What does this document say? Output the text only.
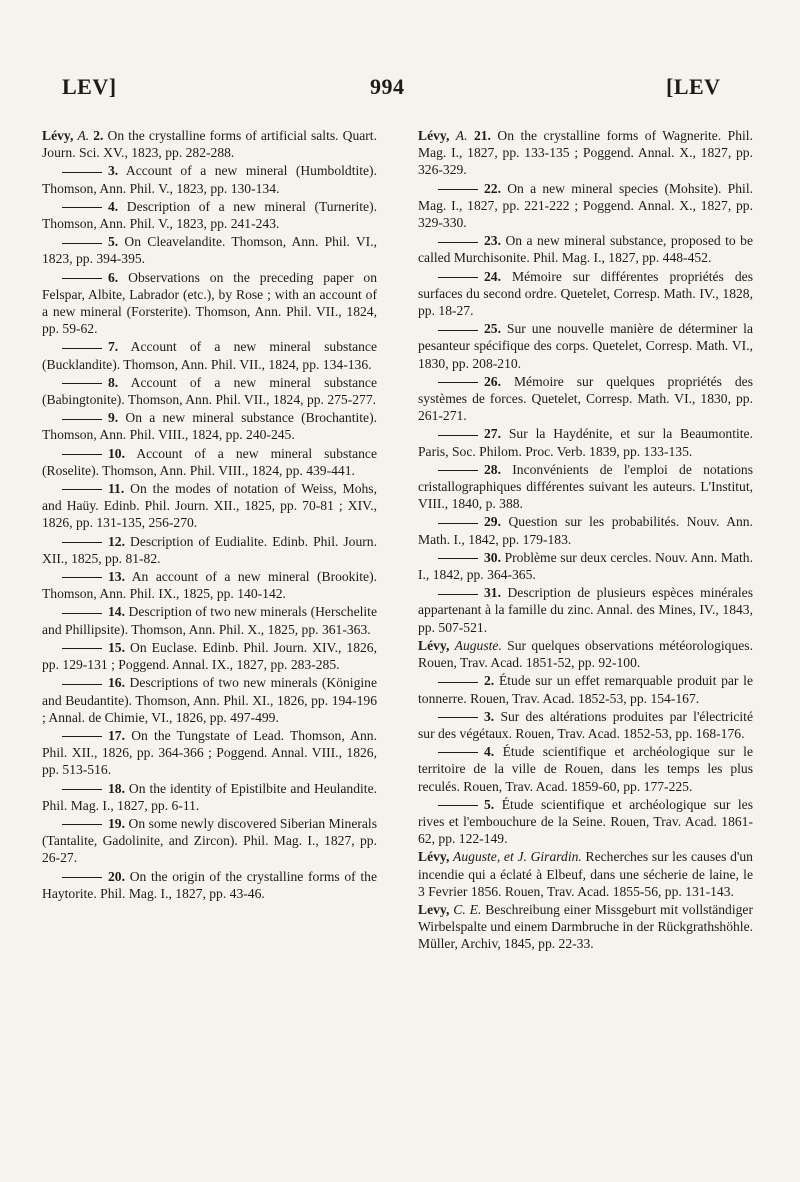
LEV]	994	[LEV

Lévy, A. 2. On the crystalline forms of artificial salts. Quart. Journ. Sci. XV., 1823, pp. 282-288.

3. Account of a new mineral (Humboldtite). Thomson, Ann. Phil. V., 1823, pp. 130-134.

4. Description of a new mineral (Turnerite). Thomson, Ann. Phil. V., 1823, pp. 241-243.

5. On Cleavelandite. Thomson, Ann. Phil. VI., 1823, pp. 394-395.

6. Observations on the preceding paper on Felspar, Albite, Labrador (etc.), by Rose ; with an account of a new mineral (Forsterite). Thomson, Ann. Phil. VII., 1824, pp. 59-62.

7. Account of a new mineral substance (Bucklandite). Thomson, Ann. Phil. VII., 1824, pp. 134-136.

8. Account of a new mineral substance (Babingtonite). Thomson, Ann. Phil. VII., 1824, pp. 275-277.

9. On a new mineral substance (Brochantite). Thomson, Ann. Phil. VIII., 1824, pp. 240-245.

10. Account of a new mineral substance (Roselite). Thomson, Ann. Phil. VIII., 1824, pp. 439-441.

11. On the modes of notation of Weiss, Mohs, and Haüy. Edinb. Phil. Journ. XII., 1825, pp. 70-81 ; XIV., 1826, pp. 131-135, 256-270.

12. Description of Eudialite. Edinb. Phil. Journ. XII., 1825, pp. 81-82.

13. An account of a new mineral (Brookite). Thomson, Ann. Phil. IX., 1825, pp. 140-142.

14. Description of two new minerals (Herschelite and Phillipsite). Thomson, Ann. Phil. X., 1825, pp. 361-363.

15. On Euclase. Edinb. Phil. Journ. XIV., 1826, pp. 129-131 ; Poggend. Annal. IX., 1827, pp. 283-285.

16. Descriptions of two new minerals (Königine and Beudantite). Thomson, Ann. Phil. XI., 1826, pp. 194-196 ; Annal. de Chimie, VI., 1826, pp. 497-499.

17. On the Tungstate of Lead. Thomson, Ann. Phil. XII., 1826, pp. 364-366 ; Poggend. Annal. VIII., 1826, pp. 513-516.

18. On the identity of Epistilbite and Heulandite. Phil. Mag. I., 1827, pp. 6-11.

19. On some newly discovered Siberian Minerals (Tantalite, Gadolinite, and Zircon). Phil. Mag. I., 1827, pp. 26-27.

20. On the origin of the crystalline forms of the Haytorite. Phil. Mag. I., 1827, pp. 43-46.

Lévy, A. 21. On the crystalline forms of Wagnerite. Phil. Mag. I., 1827, pp. 133-135 ; Poggend. Annal. X., 1827, pp. 326-329.

22. On a new mineral species (Mohsite). Phil. Mag. I., 1827, pp. 221-222 ; Poggend. Annal. X., 1827, pp. 329-330.

23. On a new mineral substance, proposed to be called Murchisonite. Phil. Mag. I., 1827, pp. 448-452.

24. Mémoire sur différentes propriétés des surfaces du second ordre. Quetelet, Corresp. Math. IV., 1828, pp. 18-27.

25. Sur une nouvelle manière de déterminer la pesanteur spécifique des corps. Quetelet, Corresp. Math. VI., 1830, pp. 208-210.

26. Mémoire sur quelques propriétés des systèmes de forces. Quetelet, Corresp. Math. VI., 1830, pp. 261-271.

27. Sur la Haydénite, et sur la Beaumontite. Paris, Soc. Philom. Proc. Verb. 1839, pp. 133-135.

28. Inconvénients de l'emploi de notations cristallographiques différentes suivant les auteurs. L'Institut, VIII., 1840, p. 388.

29. Question sur les probabilités. Nouv. Ann. Math. I., 1842, pp. 179-183.

30. Problème sur deux cercles. Nouv. Ann. Math. I., 1842, pp. 364-365.

31. Description de plusieurs espèces minérales appartenant à la famille du zinc. Annal. des Mines, IV., 1843, pp. 507-521.

Lévy, Auguste. Sur quelques observations météorologiques. Rouen, Trav. Acad. 1851-52, pp. 92-100.

2. Étude sur un effet remarquable produit par le tonnerre. Rouen, Trav. Acad. 1852-53, pp. 154-167.

3. Sur des altérations produites par l'électricité sur des végétaux. Rouen, Trav. Acad. 1852-53, pp. 168-176.

4. Étude scientifique et archéologique sur le territoire de la ville de Rouen, dans les temps les plus reculés. Rouen, Trav. Acad. 1859-60, pp. 177-225.

5. Étude scientifique et archéologique sur les rives et l'embouchure de la Seine. Rouen, Trav. Acad. 1861-62, pp. 122-149.

Lévy, Auguste, et J. Girardin. Recherches sur les causes d'un incendie qui a éclaté à Elbeuf, dans une sécherie de laine, le 3 Fevrier 1856. Rouen, Trav. Acad. 1855-56, pp. 131-143.

Levy, C. E. Beschreibung einer Missgeburt mit vollständiger Wirbelspalte und einem Darmbruche in der Rückgrathshöhle. Müller, Archiv, 1845, pp. 22-33.
